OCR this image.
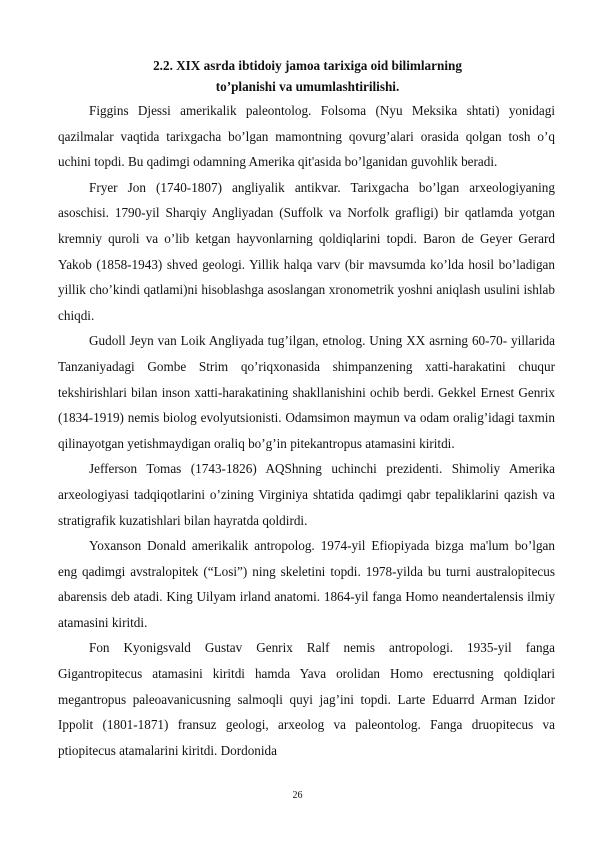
2.2. XIX asrda ibtidoiy jamoa tarixiga oid bilimlarning
to’planishi va umumlashtirilishi.

Figgins Djessi amerikalik paleontolog. Folsoma (Nyu Meksika shtati) yonidagi qazilmalar vaqtida tarixgacha bo’lgan mamontning qovurg’alari orasida qolgan tosh o’q uchini topdi. Bu qadimgi odamning Amerika qit'asida bo’lganidan guvohlik beradi.

Fryer Jon (1740-1807) angliyalik antikvar. Tarixgacha bo’lgan arxeologiyaning asoschisi. 1790-yil Sharqiy Angliyadan (Suffolk va Norfolk grafligi) bir qatlamda yotgan kremniy quroli va o’lib ketgan hayvonlarning qoldiqlarini topdi. Baron de Geyer Gerard Yakob (1858-1943) shved geologi. Yillik halqa varv (bir mavsumda ko’lda hosil bo’ladigan yillik cho’kindi qatlami)ni hisoblashga asoslangan xronometrik yoshni aniqlash usulini ishlab chiqdi.

Gudoll Jeyn van Loik Angliyada tug’ilgan, etnolog. Uning XX asrning 60-70- yillarida Tanzaniyadagi Gombe Strim qo’riqxonasida shimpanzening xatti-harakatini chuqur tekshirishlari bilan inson xatti-harakatining shakllanishini ochib berdi. Gekkel Ernest Genrix (1834-1919) nemis biolog evolyutsionisti. Odamsimon maymun va odam oralig’idagi taxmin qilinayotgan yetishmaydigan oraliq bo’g’in pitekantropus atamasini kiritdi.

Jefferson Tomas (1743-1826) AQShning uchinchi prezidenti. Shimoliy Amerika arxeologiyasi tadqiqotlarini o’zining Virginiya shtatida qadimgi qabr tepaliklarini qazish va stratigrafik kuzatishlari bilan hayratda qoldirdi.

Yoxanson Donald amerikalik antropolog. 1974-yil Efiopiyada bizga ma'lum bo’lgan eng qadimgi avstralopitek (“Losi”) ning skeletini topdi. 1978-yilda bu turni australopitecus abarensis deb atadi. King Uilyam irland anatomi. 1864-yil fanga Homo neandertalensis ilmiy atamasini kiritdi.

Fon Kyonigsvald Gustav Genrix Ralf nemis antropologi. 1935-yil fanga Gigantropitecus atamasini kiritdi hamda Yava orolidan Homo erectusning qoldiqlari megantropus paleoavanicusning salmoqli quyi jag’ini topdi. Larte Eduarrd Arman Izidor Ippolit (1801-1871) fransuz geologi, arxeolog va paleontolog. Fanga druopitecus va ptiopitecus atamalarini kiritdi. Dordonida

26
